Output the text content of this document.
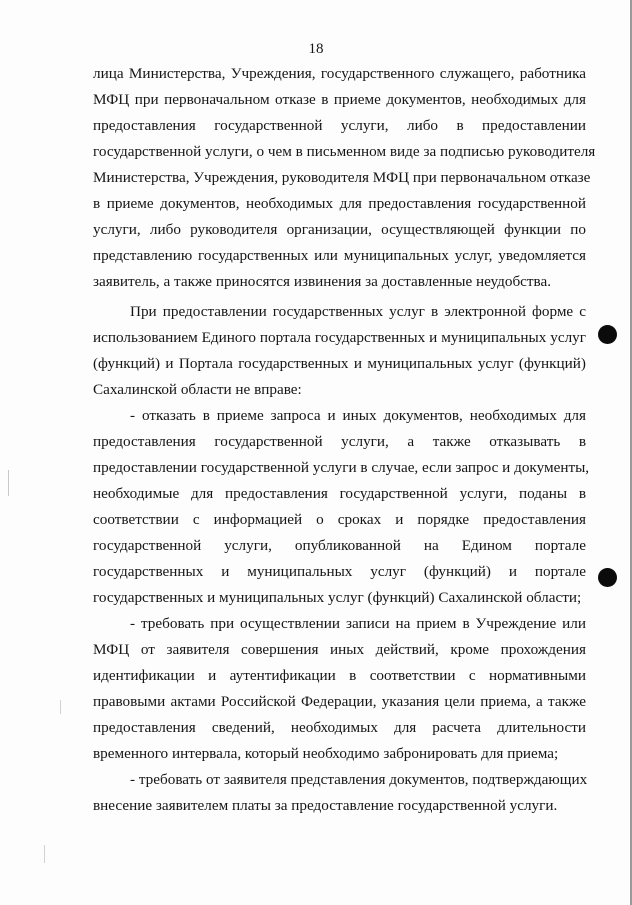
18
лица Министерства, Учреждения, государственного служащего, работника
МФЦ при первоначальном отказе в приеме документов, необходимых для
предоставления государственной услуги, либо в предоставлении
государственной услуги, о чем в письменном виде за подписью руководителя
Министерства, Учреждения, руководителя МФЦ при первоначальном отказе
в приеме документов, необходимых для предоставления государственной
услуги, либо руководителя организации, осуществляющей функции по
представлению государственных или муниципальных услуг, уведомляется
заявитель, а также приносятся извинения за доставленные неудобства.
При предоставлении государственных услуг в электронной форме с
использованием Единого портала государственных и муниципальных услуг
(функций) и Портала государственных и муниципальных услуг (функций)
Сахалинской области не вправе:
- отказать в приеме запроса и иных документов, необходимых для
предоставления государственной услуги, а также отказывать в
предоставлении государственной услуги в случае, если запрос и документы,
необходимые для предоставления государственной услуги, поданы в
соответствии с информацией о сроках и порядке предоставления
государственной услуги, опубликованной на Едином портале
государственных и муниципальных услуг (функций) и портале
государственных и муниципальных услуг (функций) Сахалинской области;
- требовать при осуществлении записи на прием в Учреждение или
МФЦ от заявителя совершения иных действий, кроме прохождения
идентификации и аутентификации в соответствии с нормативными
правовыми актами Российской Федерации, указания цели приема, а также
предоставления сведений, необходимых для расчета длительности
временного интервала, который необходимо забронировать для приема;
- требовать от заявителя представления документов, подтверждающих
внесение заявителем платы за предоставление государственной услуги.
